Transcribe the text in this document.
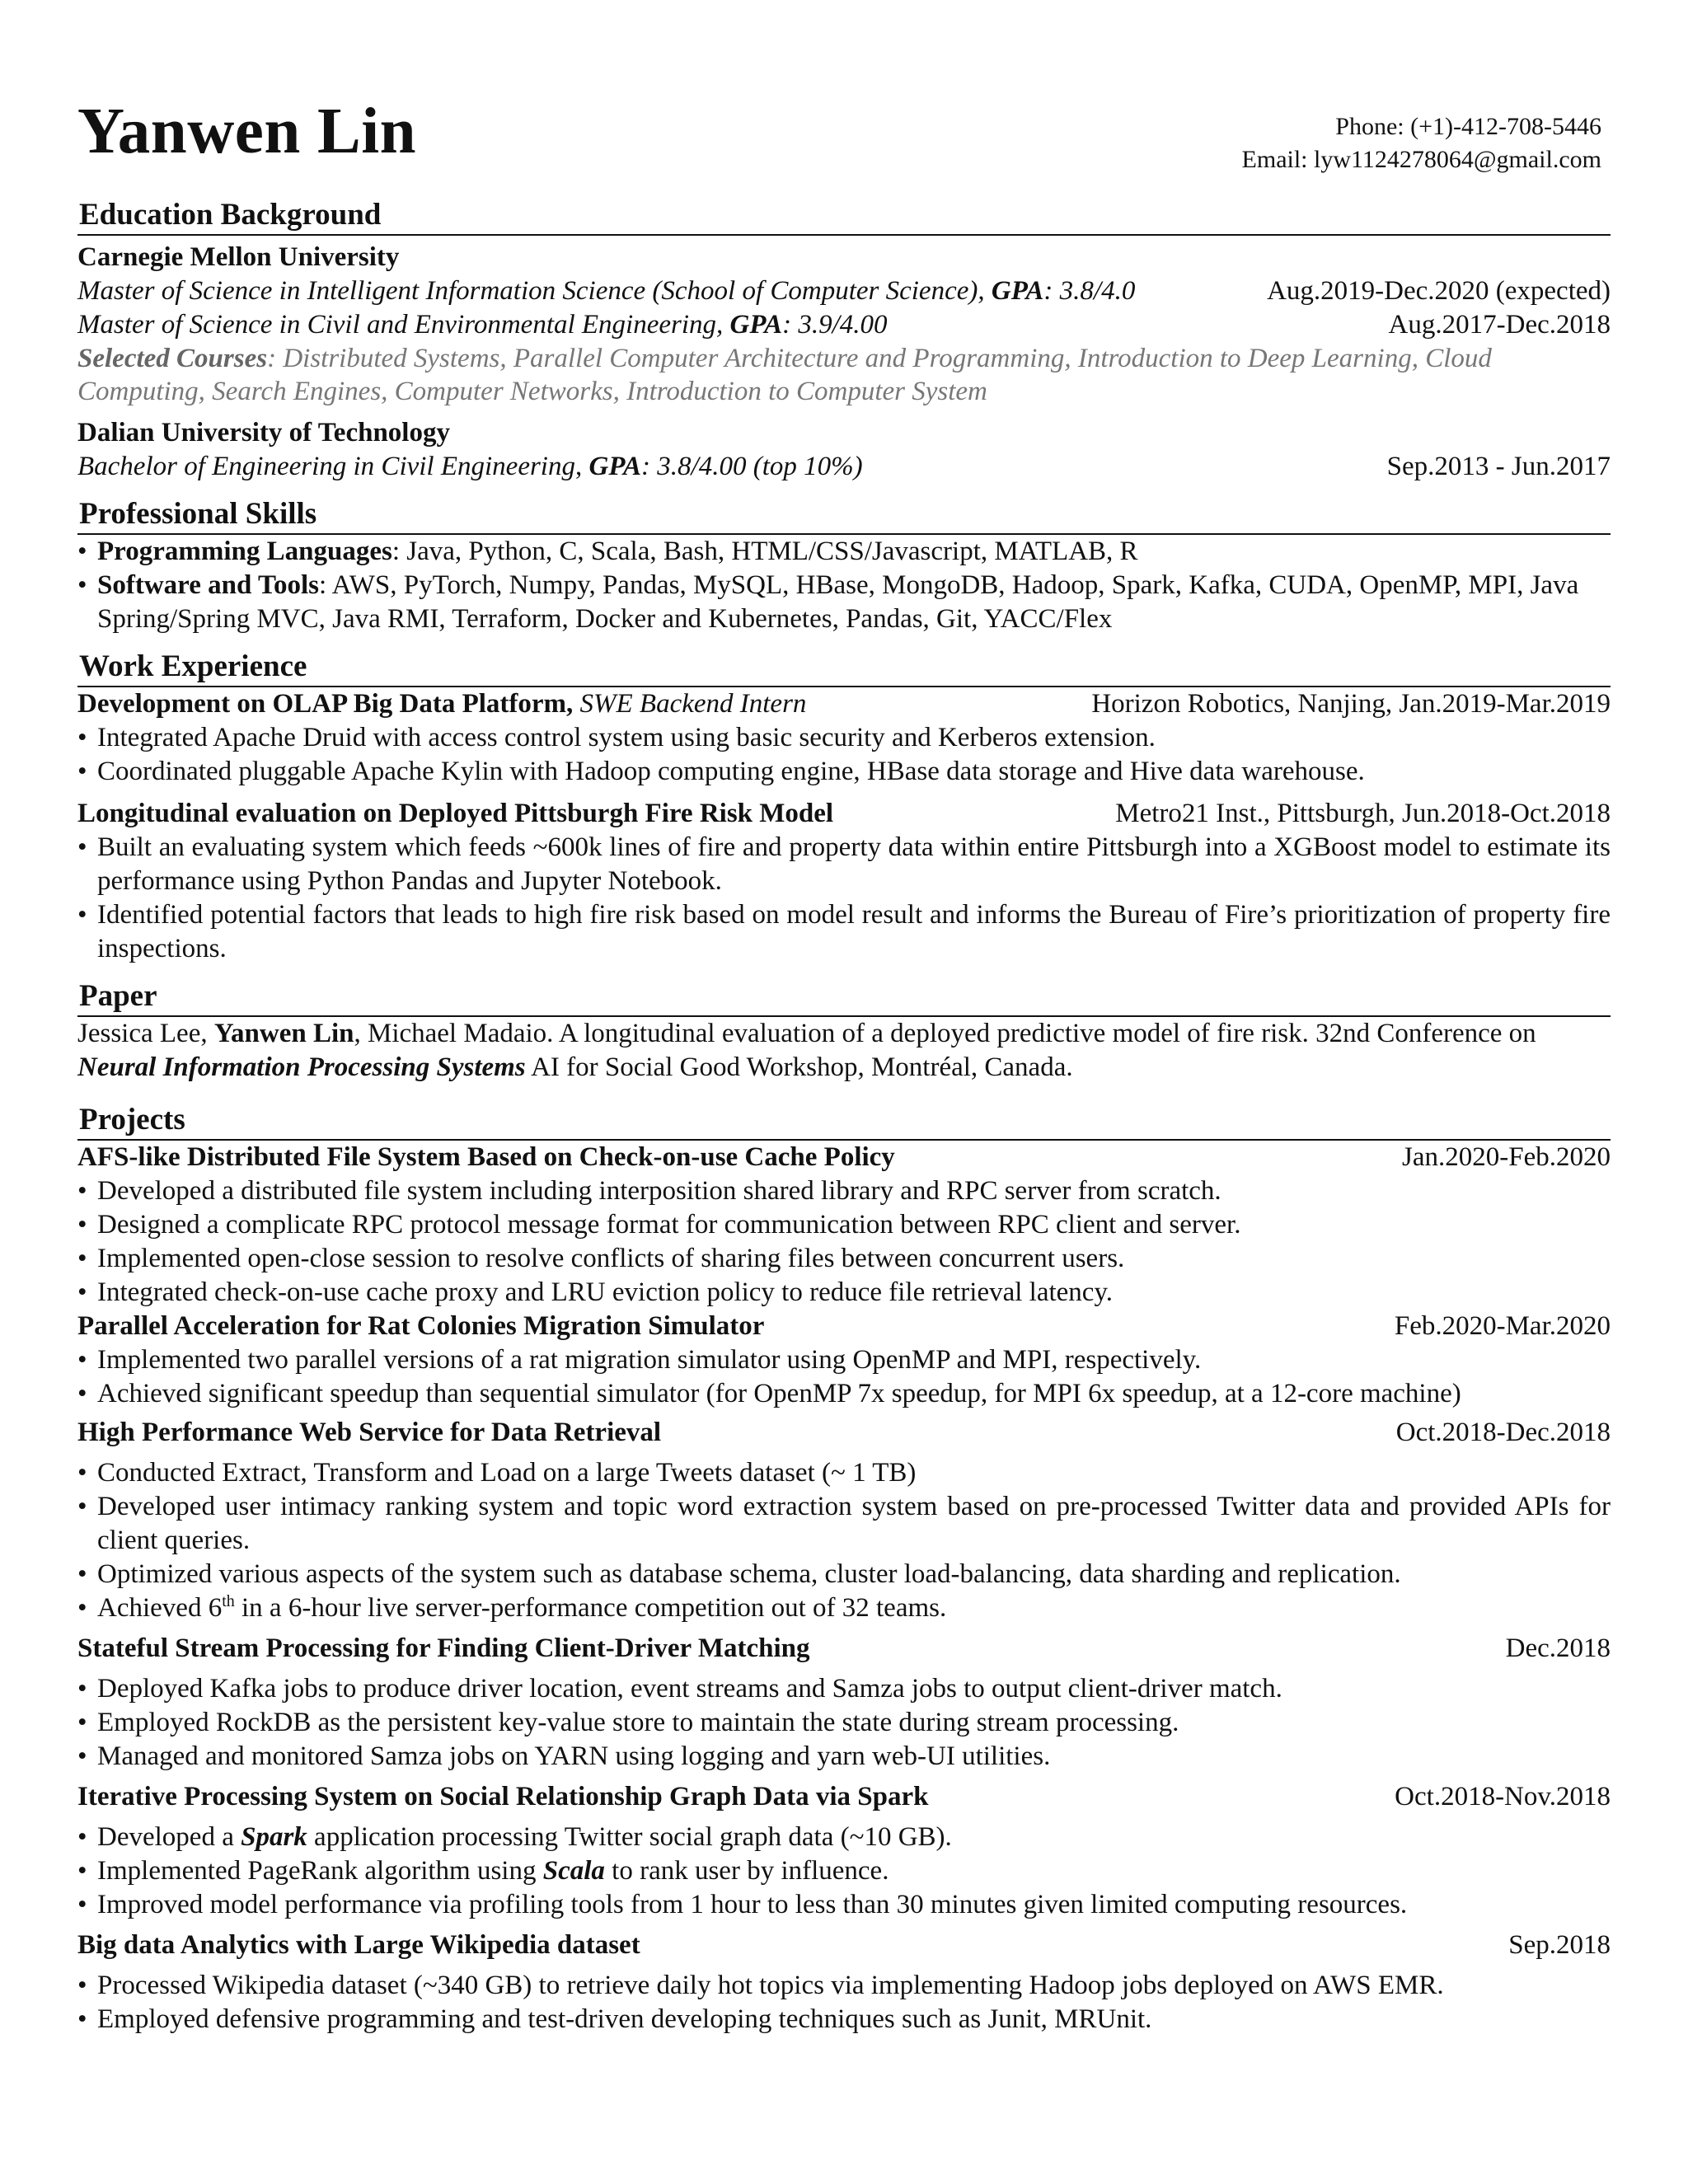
Yanwen Lin	Phone: (+1)-412-708-5446
Email: lyw1124278064@gmail.com
Education Background
Carnegie Mellon University
Master of Science in Intelligent Information Science (School of Computer Science), GPA: 3.8/4.0	Aug.2019-Dec.2020 (expected)
Master of Science in Civil and Environmental Engineering, GPA: 3.9/4.00	Aug.2017-Dec.2018
Selected Courses: Distributed Systems, Parallel Computer Architecture and Programming, Introduction to Deep Learning, Cloud Computing, Search Engines, Computer Networks, Introduction to Computer System
Dalian University of Technology
Bachelor of Engineering in Civil Engineering, GPA: 3.8/4.00 (top 10%)	Sep.2013 - Jun.2017
Professional Skills
• Programming Languages: Java, Python, C, Scala, Bash, HTML/CSS/Javascript, MATLAB, R
• Software and Tools: AWS, PyTorch, Numpy, Pandas, MySQL, HBase, MongoDB, Hadoop, Spark, Kafka, CUDA, OpenMP, MPI, Java Spring/Spring MVC, Java RMI, Terraform, Docker and Kubernetes, Pandas, Git, YACC/Flex
Work Experience
Development on OLAP Big Data Platform, SWE Backend Intern	Horizon Robotics, Nanjing, Jan.2019-Mar.2019
• Integrated Apache Druid with access control system using basic security and Kerberos extension.
• Coordinated pluggable Apache Kylin with Hadoop computing engine, HBase data storage and Hive data warehouse.
Longitudinal evaluation on Deployed Pittsburgh Fire Risk Model	Metro21 Inst., Pittsburgh, Jun.2018-Oct.2018
• Built an evaluating system which feeds ~600k lines of fire and property data within entire Pittsburgh into a XGBoost model to estimate its performance using Python Pandas and Jupyter Notebook.
• Identified potential factors that leads to high fire risk based on model result and informs the Bureau of Fire’s prioritization of property fire inspections.
Paper
Jessica Lee, Yanwen Lin, Michael Madaio. A longitudinal evaluation of a deployed predictive model of fire risk. 32nd Conference on Neural Information Processing Systems AI for Social Good Workshop, Montréal, Canada.
Projects
AFS-like Distributed File System Based on Check-on-use Cache Policy	Jan.2020-Feb.2020
• Developed a distributed file system including interposition shared library and RPC server from scratch.
• Designed a complicate RPC protocol message format for communication between RPC client and server.
• Implemented open-close session to resolve conflicts of sharing files between concurrent users.
• Integrated check-on-use cache proxy and LRU eviction policy to reduce file retrieval latency.
Parallel Acceleration for Rat Colonies Migration Simulator	Feb.2020-Mar.2020
• Implemented two parallel versions of a rat migration simulator using OpenMP and MPI, respectively.
• Achieved significant speedup than sequential simulator (for OpenMP 7x speedup, for MPI 6x speedup, at a 12-core machine)
High Performance Web Service for Data Retrieval	Oct.2018-Dec.2018
• Conducted Extract, Transform and Load on a large Tweets dataset (~ 1 TB)
• Developed user intimacy ranking system and topic word extraction system based on pre-processed Twitter data and provided APIs for client queries.
• Optimized various aspects of the system such as database schema, cluster load-balancing, data sharding and replication.
• Achieved 6th in a 6-hour live server-performance competition out of 32 teams.
Stateful Stream Processing for Finding Client-Driver Matching	Dec.2018
• Deployed Kafka jobs to produce driver location, event streams and Samza jobs to output client-driver match.
• Employed RockDB as the persistent key-value store to maintain the state during stream processing.
• Managed and monitored Samza jobs on YARN using logging and yarn web-UI utilities.
Iterative Processing System on Social Relationship Graph Data via Spark	Oct.2018-Nov.2018
• Developed a Spark application processing Twitter social graph data (~10 GB).
• Implemented PageRank algorithm using Scala to rank user by influence.
• Improved model performance via profiling tools from 1 hour to less than 30 minutes given limited computing resources.
Big data Analytics with Large Wikipedia dataset	Sep.2018
• Processed Wikipedia dataset (~340 GB) to retrieve daily hot topics via implementing Hadoop jobs deployed on AWS EMR.
• Employed defensive programming and test-driven developing techniques such as Junit, MRUnit.
